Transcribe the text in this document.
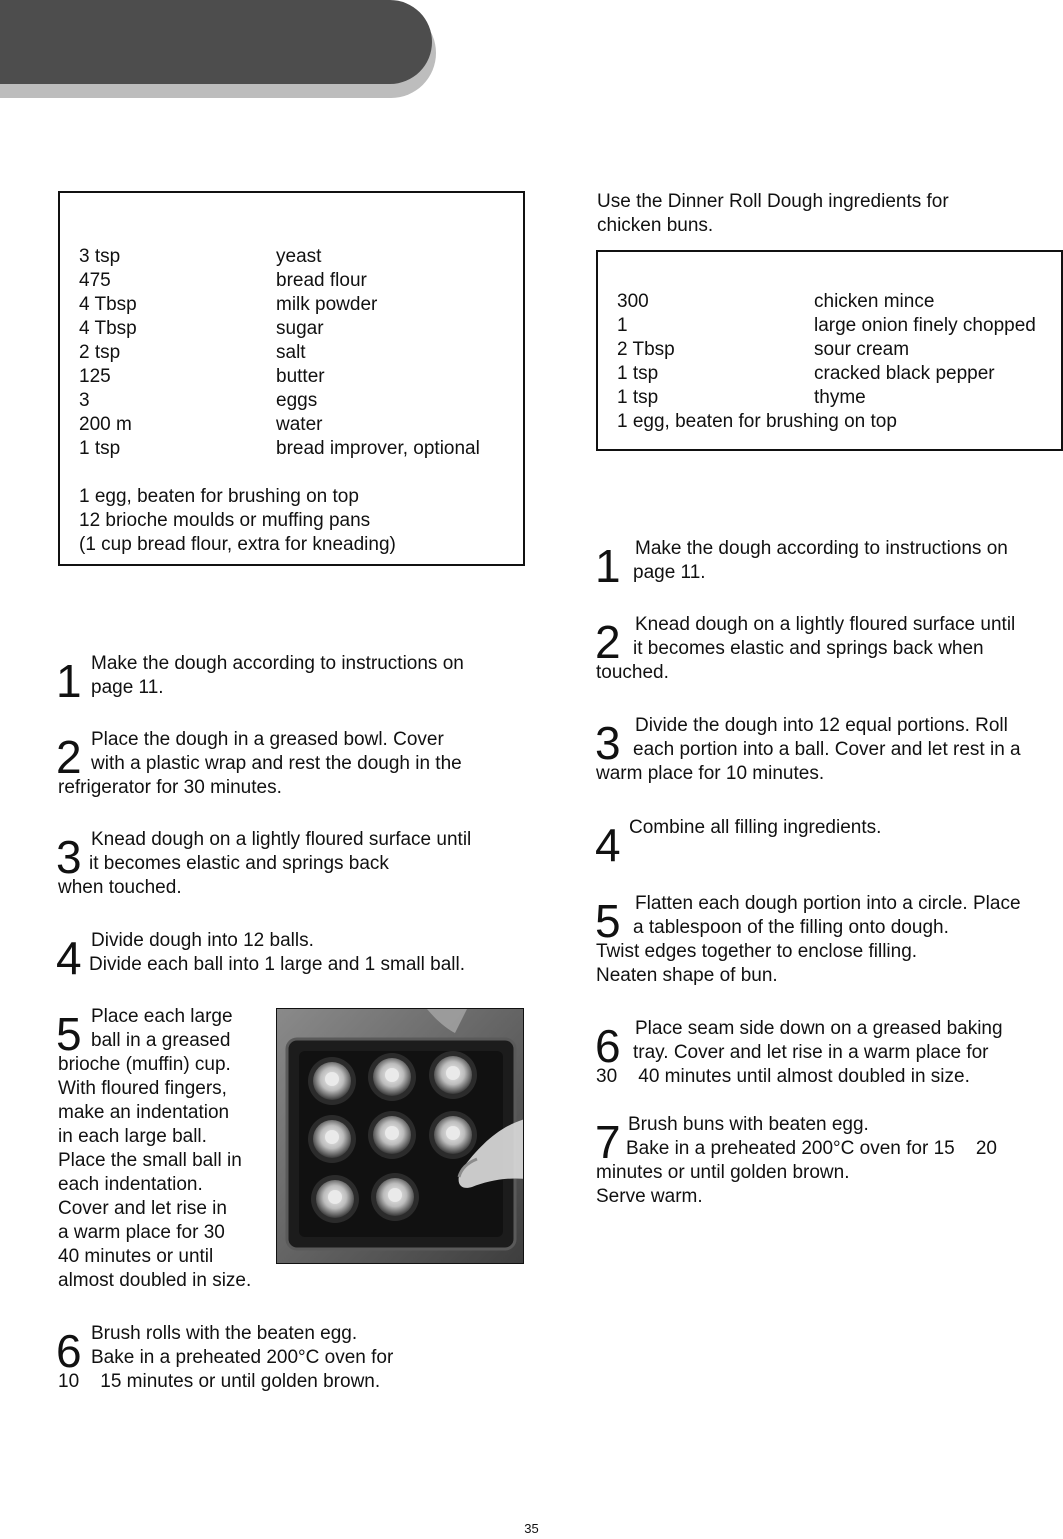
3 tsp	yeast
475	bread flour
4 Tbsp	milk powder
4 Tbsp	sugar
2 tsp	salt
125	butter
3	eggs
200 m	water
1 tsp	bread improver, optional
1 egg, beaten for brushing on top
12 brioche moulds or muffing pans
(1 cup bread flour, extra for kneading)
1 Make the dough according to instructions on
page 11.
2 Place the dough in a greased bowl. Cover
with a plastic wrap and rest the dough in the
refrigerator for 30 minutes.
3 Knead dough on a lightly floured surface until
it becomes elastic and springs back
when touched.
4 Divide dough into 12 balls.
Divide each ball into 1 large and 1 small ball.
5 Place each large
ball in a greased
brioche (muffin) cup.
With floured fingers,
make an indentation
in each large ball.
Place the small ball in
each indentation.
Cover and let rise in
a warm place for 30
40 minutes or until
almost doubled in size.
6 Brush rolls with the beaten egg.
Bake in a preheated 200°C oven for
10    15 minutes or until golden brown.
Use the Dinner Roll Dough ingredients for
chicken buns.
300	chicken mince
1	large onion finely chopped
2 Tbsp	sour cream
1 tsp	cracked black pepper
1 tsp	thyme
1 egg, beaten for brushing on top
1 Make the dough according to instructions on
page 11.
2 Knead dough on a lightly floured surface until
it becomes elastic and springs back when
touched.
3 Divide the dough into 12 equal portions. Roll
each portion into a ball. Cover and let rest in a
warm place for 10 minutes.
4 Combine all filling ingredients.
5 Flatten each dough portion into a circle. Place
a tablespoon of the filling onto dough.
Twist edges together to enclose filling.
Neaten shape of bun.
6 Place seam side down on a greased baking
tray. Cover and let rise in a warm place for
30    40 minutes until almost doubled in size.
7 Brush buns with beaten egg.
Bake in a preheated 200°C oven for 15    20
minutes or until golden brown.
Serve warm.
35
